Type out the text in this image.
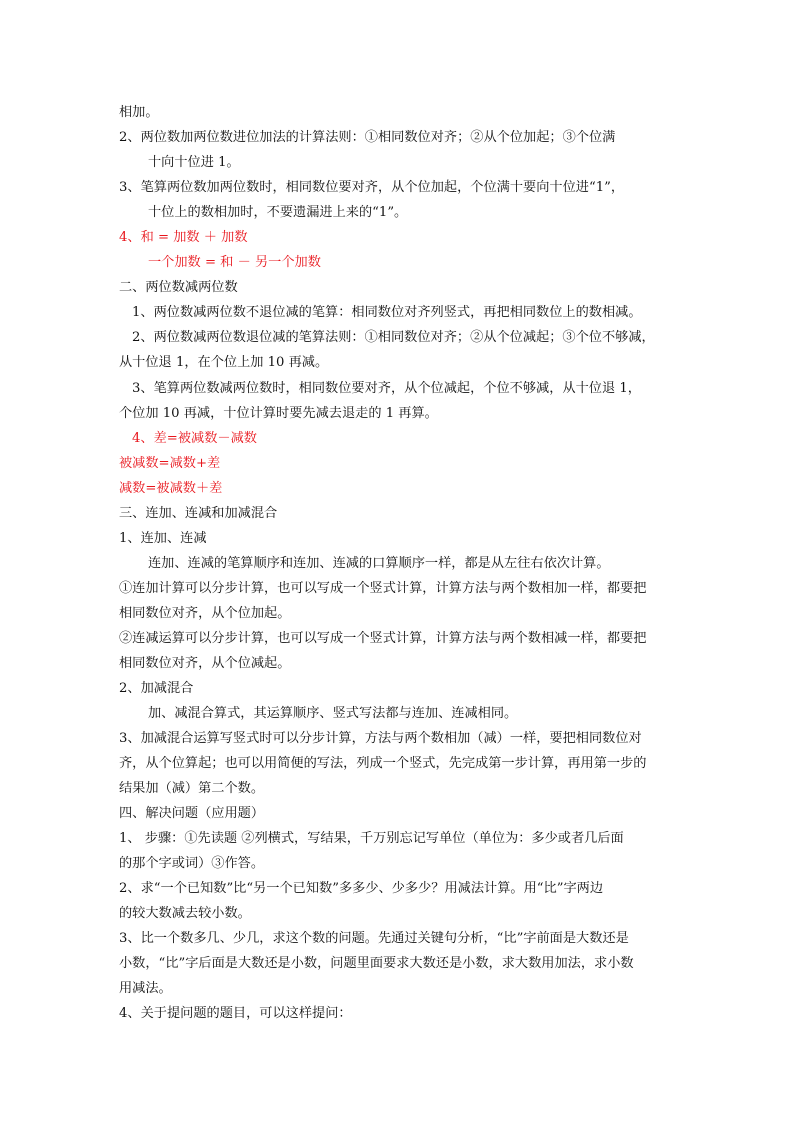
相加。
2、两位数加两位数进位加法的计算法则：①相同数位对齐；②从个位加起；③个位满
十向十位进 1。
3、笔算两位数加两位数时，相同数位要对齐，从个位加起，个位满十要向十位进“1”，
十位上的数相加时，不要遗漏进上来的“1”。
4、和 = 加数 ＋ 加数
一个加数 = 和 － 另一个加数
二、两位数减两位数
1、两位数减两位数不退位减的笔算：相同数位对齐列竖式，再把相同数位上的数相减。
2、两位数减两位数退位减的笔算法则：①相同数位对齐；②从个位减起；③个位不够减，
从十位退 1，在个位上加 10 再减。
3、笔算两位数减两位数时，相同数位要对齐，从个位减起，个位不够减，从十位退 1，
个位加 10 再减，十位计算时要先减去退走的 1 再算。
4、差=被减数－减数
被减数=减数+差
减数=被减数＋差
三、连加、连减和加减混合
1、连加、连减
连加、连减的笔算顺序和连加、连减的口算顺序一样，都是从左往右依次计算。
①连加计算可以分步计算，也可以写成一个竖式计算，计算方法与两个数相加一样，都要把
相同数位对齐，从个位加起。
②连减运算可以分步计算，也可以写成一个竖式计算，计算方法与两个数相减一样，都要把
相同数位对齐，从个位减起。
2、加减混合
加、减混合算式，其运算顺序、竖式写法都与连加、连减相同。
3、加减混合运算写竖式时可以分步计算，方法与两个数相加（减）一样，要把相同数位对
齐，从个位算起；也可以用简便的写法，列成一个竖式，先完成第一步计算，再用第一步的
结果加（减）第二个数。
四、解决问题（应用题）
1、 步骤：①先读题 ②列横式，写结果，千万别忘记写单位（单位为：多少或者几后面
的那个字或词）③作答。
2、求“一个已知数”比“另一个已知数”多多少、少多少？用减法计算。用“比”字两边
的较大数减去较小数。
3、比一个数多几、少几，求这个数的问题。先通过关键句分析，“比”字前面是大数还是
小数，“比”字后面是大数还是小数，问题里面要求大数还是小数，求大数用加法，求小数
用减法。
4、关于提问题的题目，可以这样提问：
